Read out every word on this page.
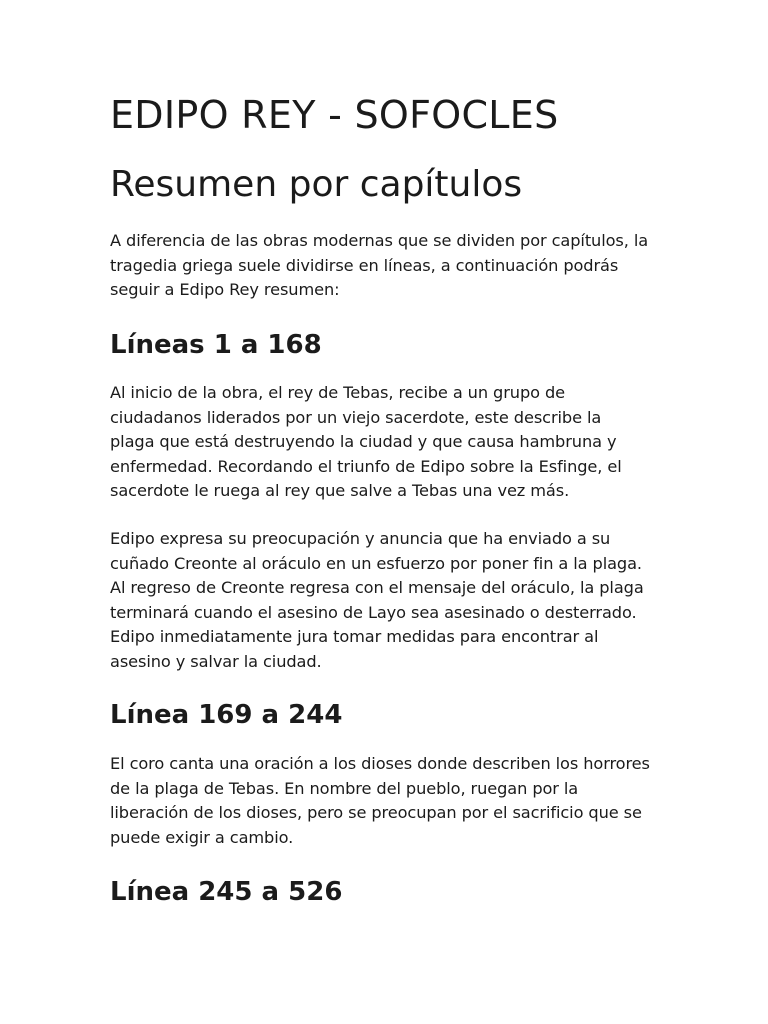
EDIPO REY - SOFOCLES
Resumen por capítulos

A diferencia de las obras modernas que se dividen por capítulos, la tragedia griega suele dividirse en líneas, a continuación podrás seguir a Edipo Rey resumen:

Líneas 1 a 168

Al inicio de la obra, el rey de Tebas, recibe a un grupo de ciudadanos liderados por un viejo sacerdote, este describe la plaga que está destruyendo la ciudad y que causa hambruna y enfermedad. Recordando el triunfo de Edipo sobre la Esfinge, el sacerdote le ruega al rey que salve a Tebas una vez más.

Edipo expresa su preocupación y anuncia que ha enviado a su cuñado Creonte al oráculo en un esfuerzo por poner fin a la plaga. Al regreso de Creonte regresa con el mensaje del oráculo, la plaga terminará cuando el asesino de Layo sea asesinado o desterrado. Edipo inmediatamente jura tomar medidas para encontrar al asesino y salvar la ciudad.

Línea 169 a 244

El coro canta una oración a los dioses donde describen los horrores de la plaga de Tebas. En nombre del pueblo, ruegan por la liberación de los dioses, pero se preocupan por el sacrificio que se puede exigir a cambio.

Línea 245 a 526
